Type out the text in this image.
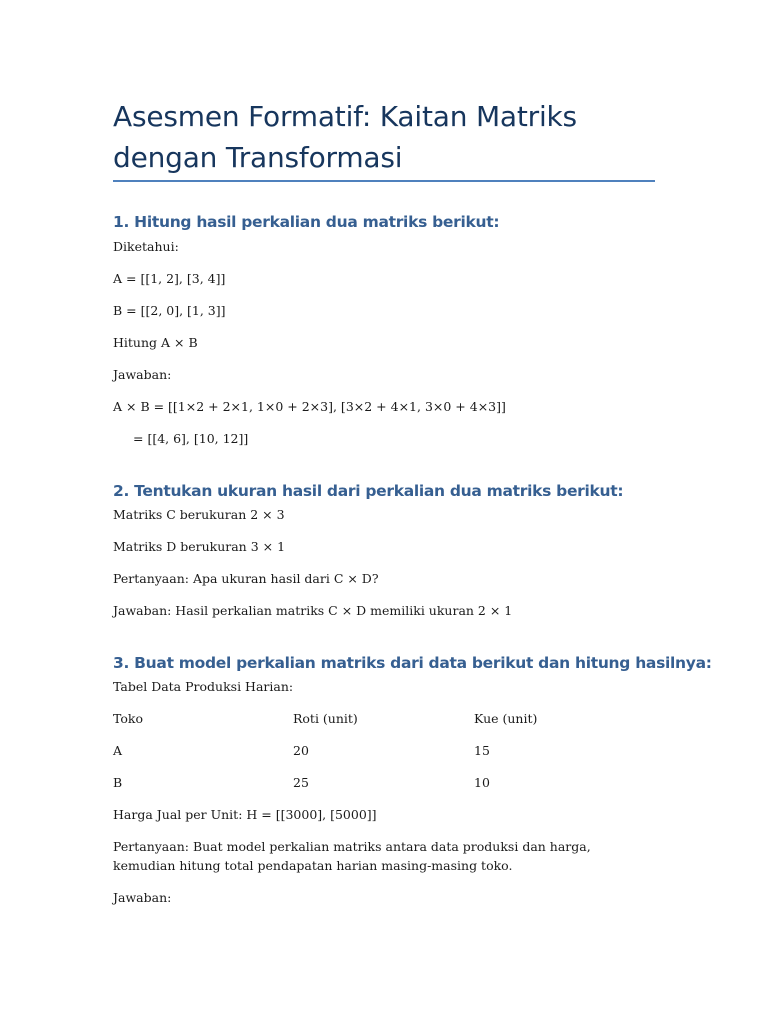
Asesmen Formatif: Kaitan Matriks dengan Transformasi
1. Hitung hasil perkalian dua matriks berikut:

Diketahui:

A = [[1, 2], [3, 4]]

B = [[2, 0], [1, 3]]

Hitung A × B

Jawaban:

A × B = [[1×2 + 2×1, 1×0 + 2×3], [3×2 + 4×1, 3×0 + 4×3]]

= [[4, 6], [10, 12]]

2. Tentukan ukuran hasil dari perkalian dua matriks berikut:

Matriks C berukuran 2 × 3

Matriks D berukuran 3 × 1

Pertanyaan: Apa ukuran hasil dari C × D?

Jawaban: Hasil perkalian matriks C × D memiliki ukuran 2 × 1

3. Buat model perkalian matriks dari data berikut dan hitung hasilnya:

Tabel Data Produksi Harian:

Toko	Roti (unit)	Kue (unit)

A	20	15

B	25	10

Harga Jual per Unit: H = [[3000], [5000]]

Pertanyaan: Buat model perkalian matriks antara data produksi dan harga, kemudian hitung total pendapatan harian masing-masing toko.

Jawaban:
